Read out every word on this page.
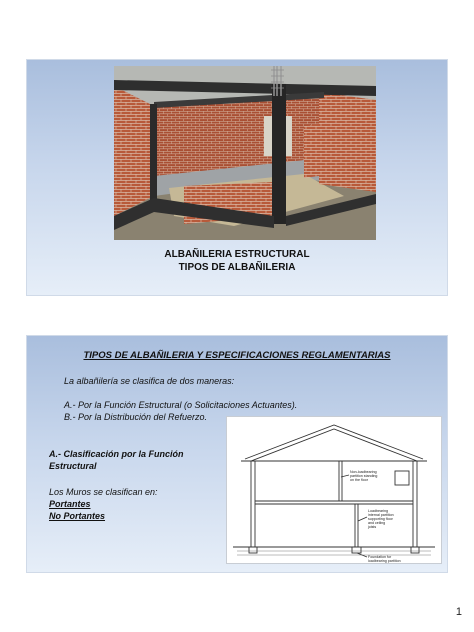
ALBAÑILERIA ESTRUCTURAL
TIPOS DE ALBAÑILERIA
TIPOS DE ALBAÑILERIA Y ESPECIFICACIONES REGLAMENTARIAS
La albañilería se clasifica de dos maneras:
A.- Por la Función Estructural (o Solicitaciones Actuantes).
B.- Por la Distribución del Refuerzo.
A.- Clasificación por la Función
Estructural
Los Muros se clasifican en:
Portantes
No Portantes
Non-loadbearing
partition standing
on the floor
Loadbearing
internal partition
supporting floor
and ceiling
joists
Foundation for
loadbearing partition
1
